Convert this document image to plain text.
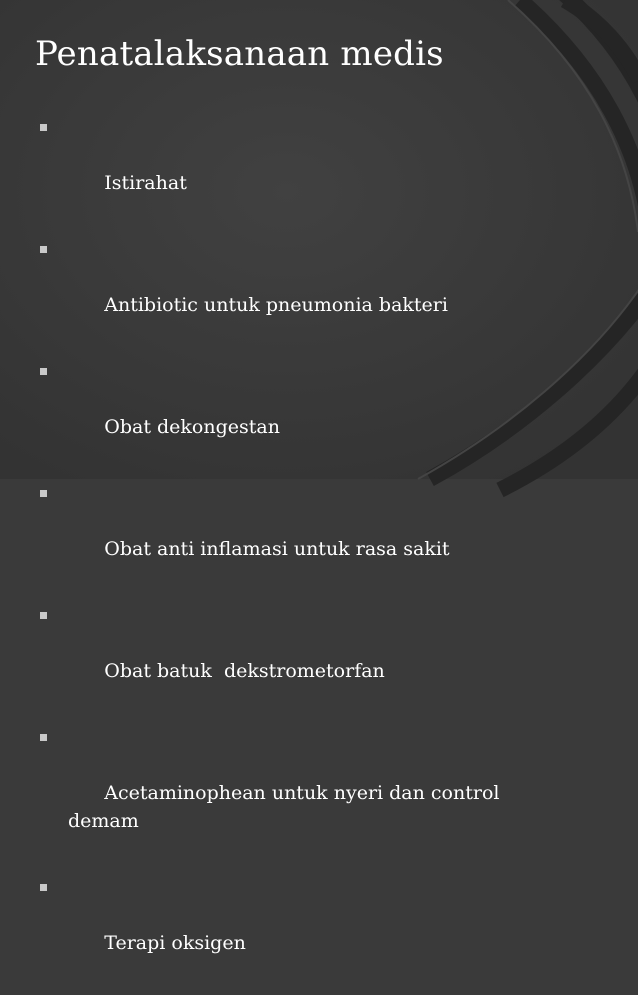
Penatalaksanaan medis

Istirahat

Antibiotic untuk pneumonia bakteri

Obat dekongestan

Obat anti inflamasi untuk rasa sakit

Obat batuk  dekstrometorfan

Acetaminophean untuk nyeri dan control demam

Terapi oksigen
